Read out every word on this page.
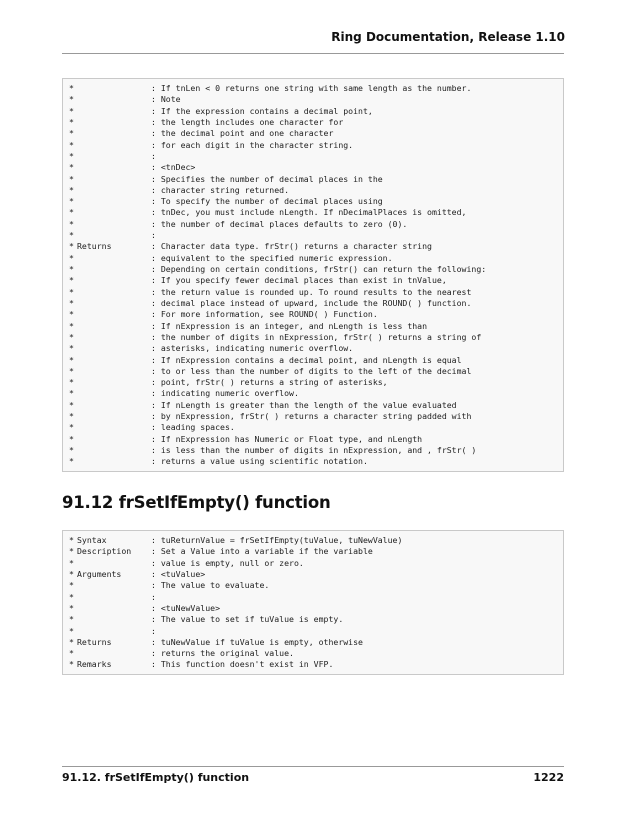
Ring Documentation, Release 1.10
*	: If tnLen < 0 returns one string with same length as the number.
*	: Note
*	: If the expression contains a decimal point,
*	: the length includes one character for
*	: the decimal point and one character
*	: for each digit in the character string.
*	:
*	: <tnDec>
*	: Specifies the number of decimal places in the
*	: character string returned.
*	: To specify the number of decimal places using
*	: tnDec, you must include nLength. If nDecimalPlaces is omitted,
*	: the number of decimal places defaults to zero (0).
*	:
* Returns	: Character data type. frStr() returns a character string
*	: equivalent to the specified numeric expression.
*	: Depending on certain conditions, frStr() can return the following:
*	: If you specify fewer decimal places than exist in tnValue,
*	: the return value is rounded up. To round results to the nearest
*	: decimal place instead of upward, include the ROUND( ) function.
*	: For more information, see ROUND( ) Function.
*	: If nExpression is an integer, and nLength is less than
*	: the number of digits in nExpression, frStr( ) returns a string of
*	: asterisks, indicating numeric overflow.
*	: If nExpression contains a decimal point, and nLength is equal
*	: to or less than the number of digits to the left of the decimal
*	: point, frStr( ) returns a string of asterisks,
*	: indicating numeric overflow.
*	: If nLength is greater than the length of the value evaluated
*	: by nExpression, frStr( ) returns a character string padded with
*	: leading spaces.
*	: If nExpression has Numeric or Float type, and nLength
*	: is less than the number of digits in nExpression, and , frStr( )
*	: returns a value using scientific notation.
91.12 frSetIfEmpty() function
* Syntax	: tuReturnValue = frSetIfEmpty(tuValue, tuNewValue)
* Description : Set a Value into a variable if the variable
*	: value is empty, null or zero.
* Arguments	: <tuValue>
*	: The value to evaluate.
*	:
*	: <tuNewValue>
*	: The value to set if tuValue is empty.
*	:
* Returns	: tuNewValue if tuValue is empty, otherwise
*	: returns the original value.
* Remarks	: This function doesn't exist in VFP.
91.12. frSetIfEmpty() function	1222
